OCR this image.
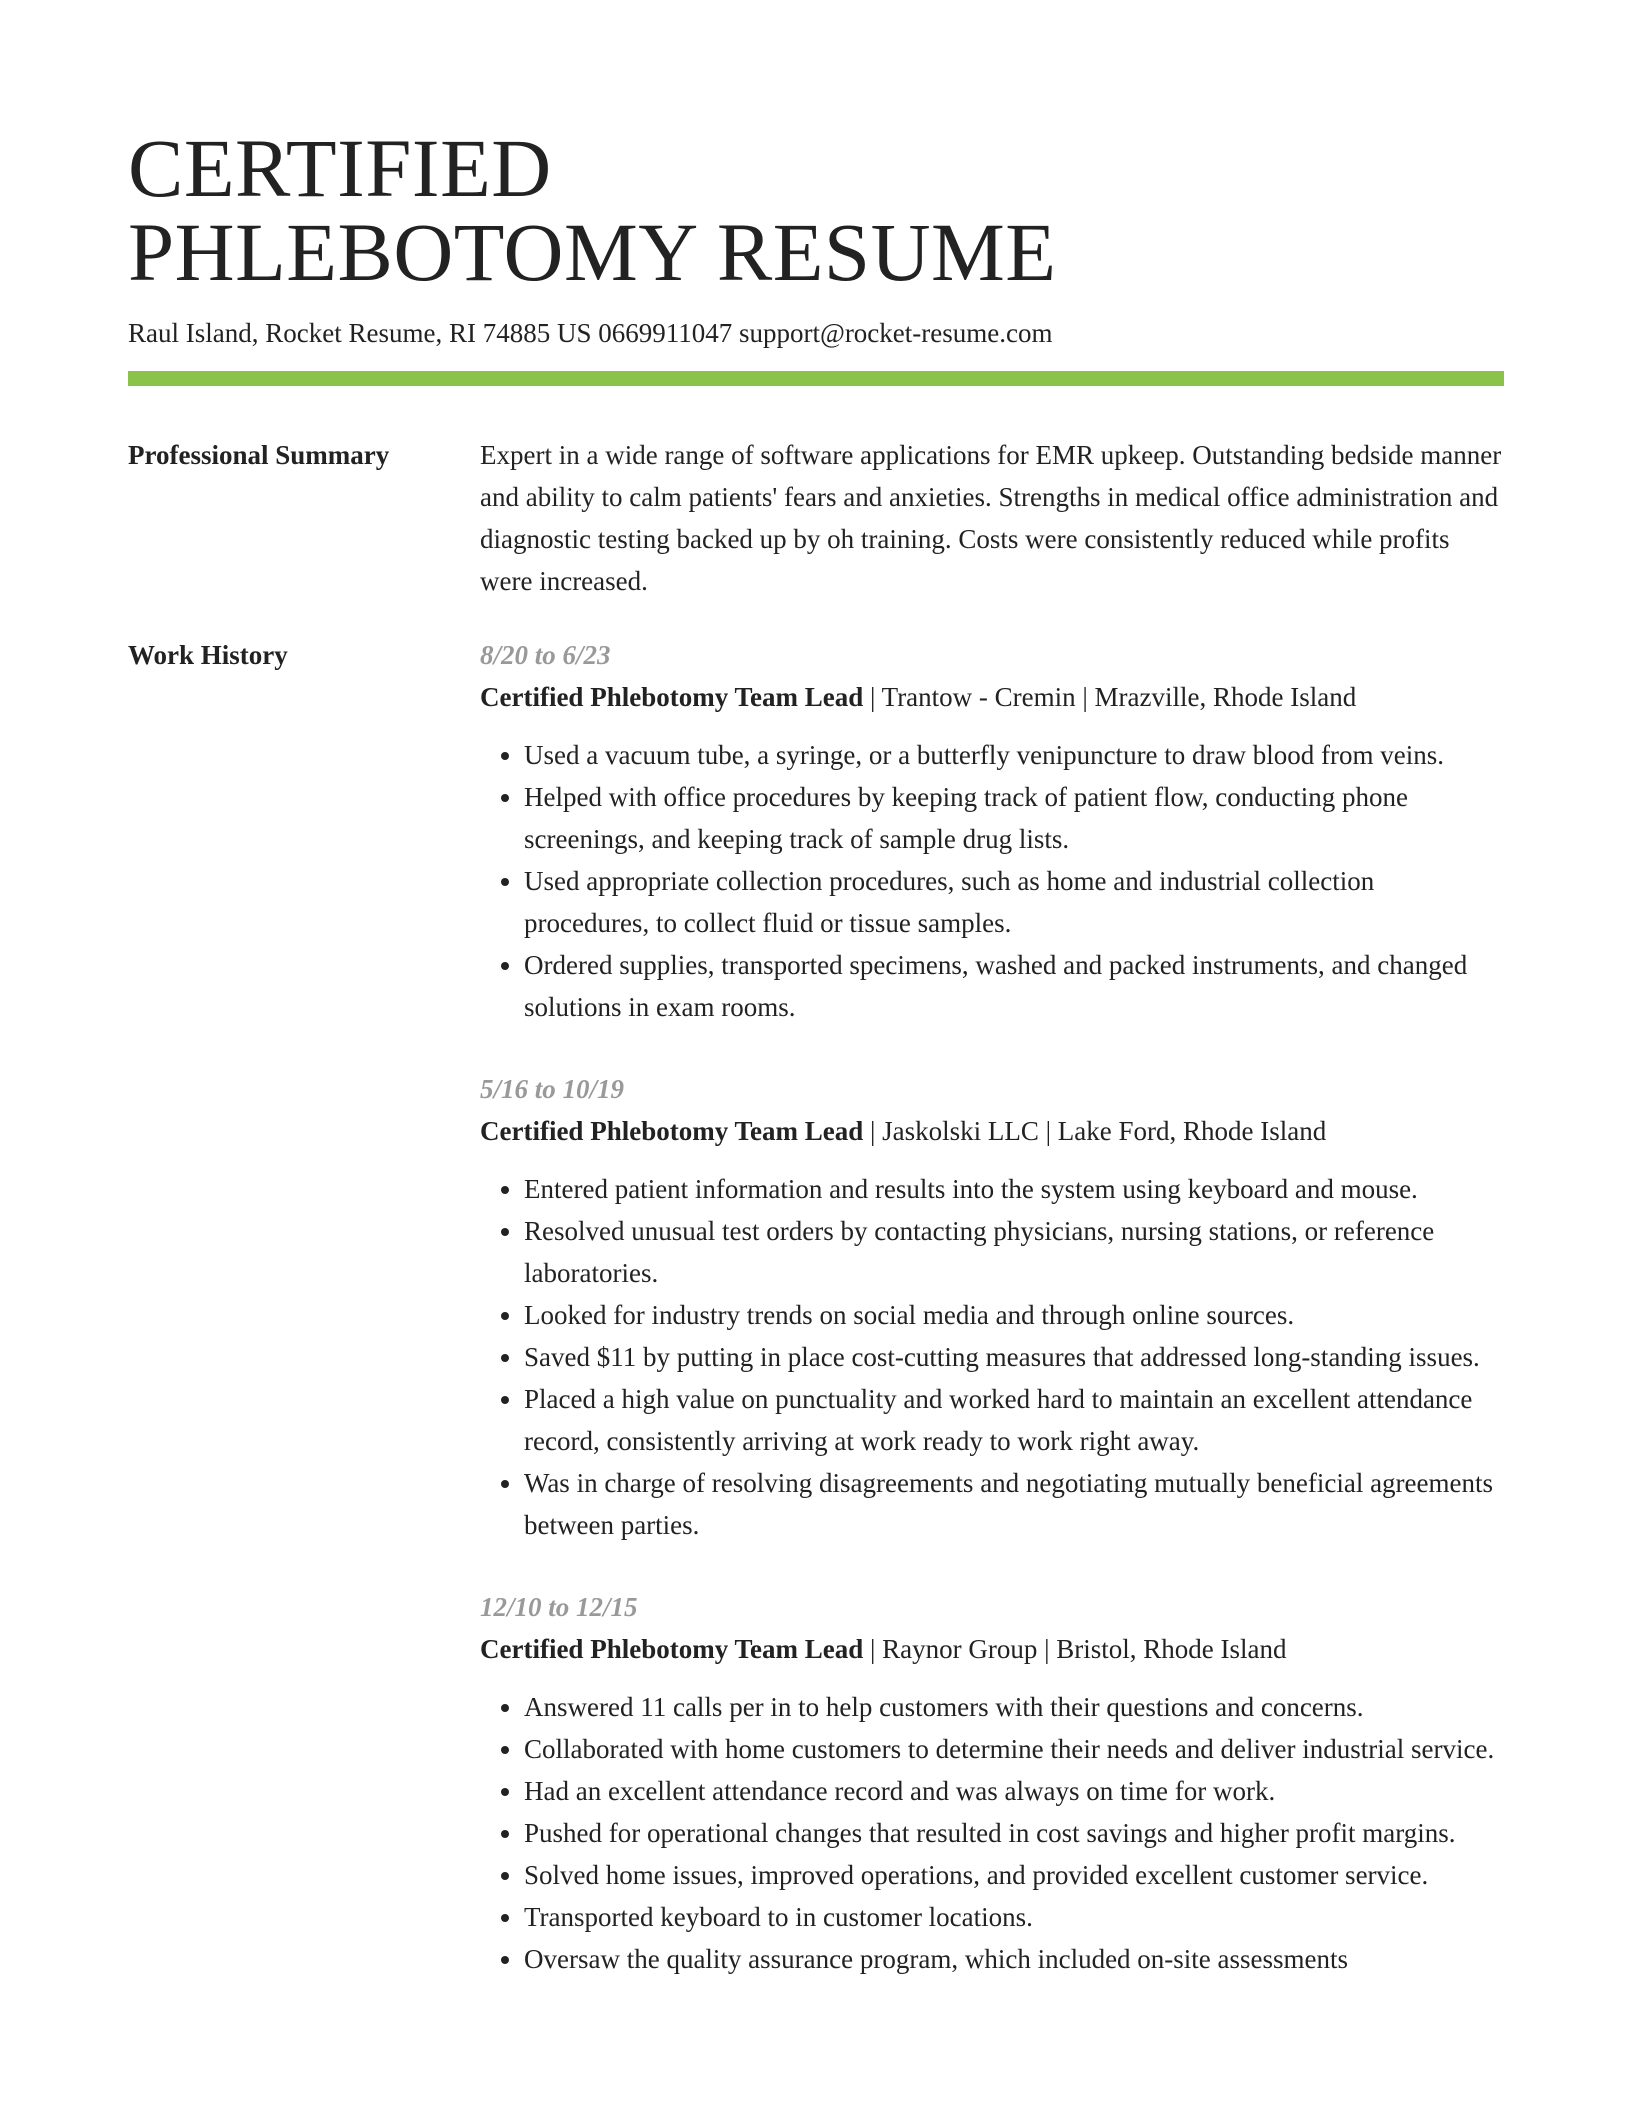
CERTIFIED
PHLEBOTOMY RESUME
Raul Island, Rocket Resume, RI 74885 US 0669911047 support@rocket-resume.com
Professional Summary	Expert in a wide range of software applications for EMR upkeep. Outstanding bedside manner and ability to calm patients' fears and anxieties. Strengths in medical office administration and diagnostic testing backed up by oh training. Costs were consistently reduced while profits were increased.

Work History	8/20 to 6/23
Certified Phlebotomy Team Lead | Trantow - Cremin | Mrazville, Rhode Island
• Used a vacuum tube, a syringe, or a butterfly venipuncture to draw blood from veins.
• Helped with office procedures by keeping track of patient flow, conducting phone screenings, and keeping track of sample drug lists.
• Used appropriate collection procedures, such as home and industrial collection procedures, to collect fluid or tissue samples.
• Ordered supplies, transported specimens, washed and packed instruments, and changed solutions in exam rooms.
5/16 to 10/19
Certified Phlebotomy Team Lead | Jaskolski LLC | Lake Ford, Rhode Island
• Entered patient information and results into the system using keyboard and mouse.
• Resolved unusual test orders by contacting physicians, nursing stations, or reference laboratories.
• Looked for industry trends on social media and through online sources.
• Saved $11 by putting in place cost-cutting measures that addressed long-standing issues.
• Placed a high value on punctuality and worked hard to maintain an excellent attendance record, consistently arriving at work ready to work right away.
• Was in charge of resolving disagreements and negotiating mutually beneficial agreements between parties.
12/10 to 12/15
Certified Phlebotomy Team Lead | Raynor Group | Bristol, Rhode Island
• Answered 11 calls per in to help customers with their questions and concerns.
• Collaborated with home customers to determine their needs and deliver industrial service.
• Had an excellent attendance record and was always on time for work.
• Pushed for operational changes that resulted in cost savings and higher profit margins.
• Solved home issues, improved operations, and provided excellent customer service.
• Transported keyboard to in customer locations.
• Oversaw the quality assurance program, which included on-site assessments
